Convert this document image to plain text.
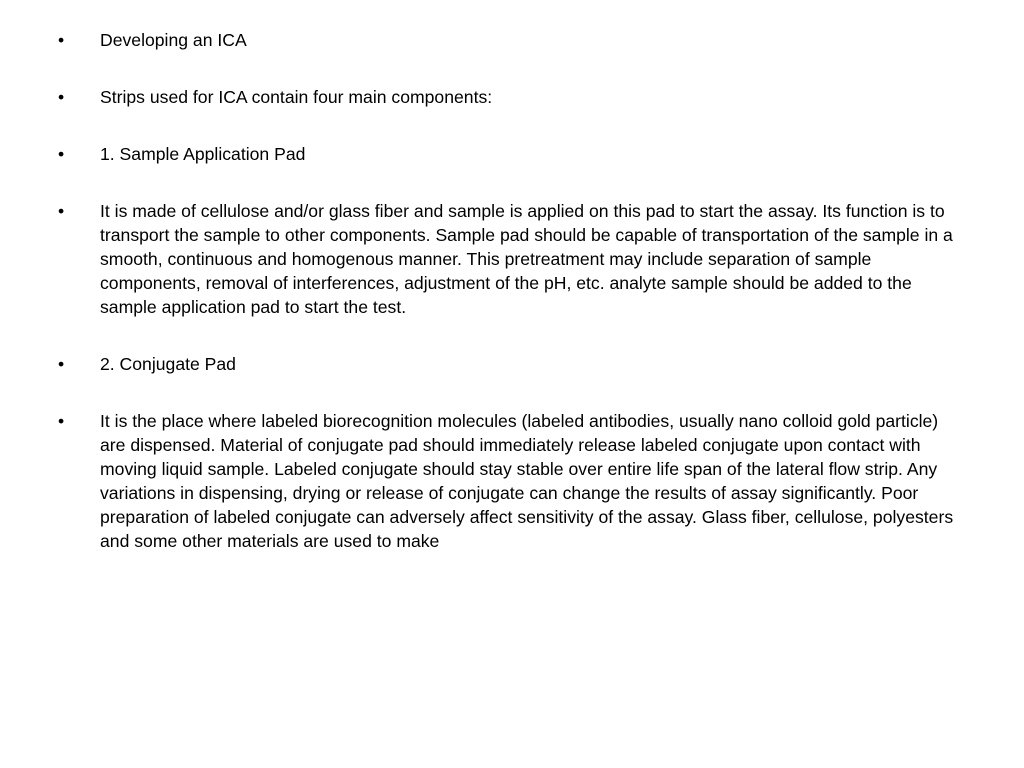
•	Developing an ICA
•	Strips used for ICA contain four main components:
•	1. Sample Application Pad
•	It is made of cellulose and/or glass fiber and sample is applied on this pad to start the assay. Its function is to transport the sample to other components. Sample pad should be capable of transportation of the sample in a smooth, continuous and homogenous manner. This pretreatment may include separation of sample components, removal of interferences, adjustment of the pH, etc. analyte sample should be added to the sample application pad to start the test.
•	2. Conjugate Pad
•	It is the place where labeled biorecognition molecules (labeled antibodies, usually nano colloid gold particle) are dispensed. Material of conjugate pad should immediately release labeled conjugate upon contact with moving liquid sample. Labeled conjugate should stay stable over entire life span of the lateral flow strip. Any variations in dispensing, drying or release of conjugate can change the results of assay significantly. Poor preparation of labeled conjugate can adversely affect sensitivity of the assay. Glass fiber, cellulose, polyesters and some other materials are used to make
